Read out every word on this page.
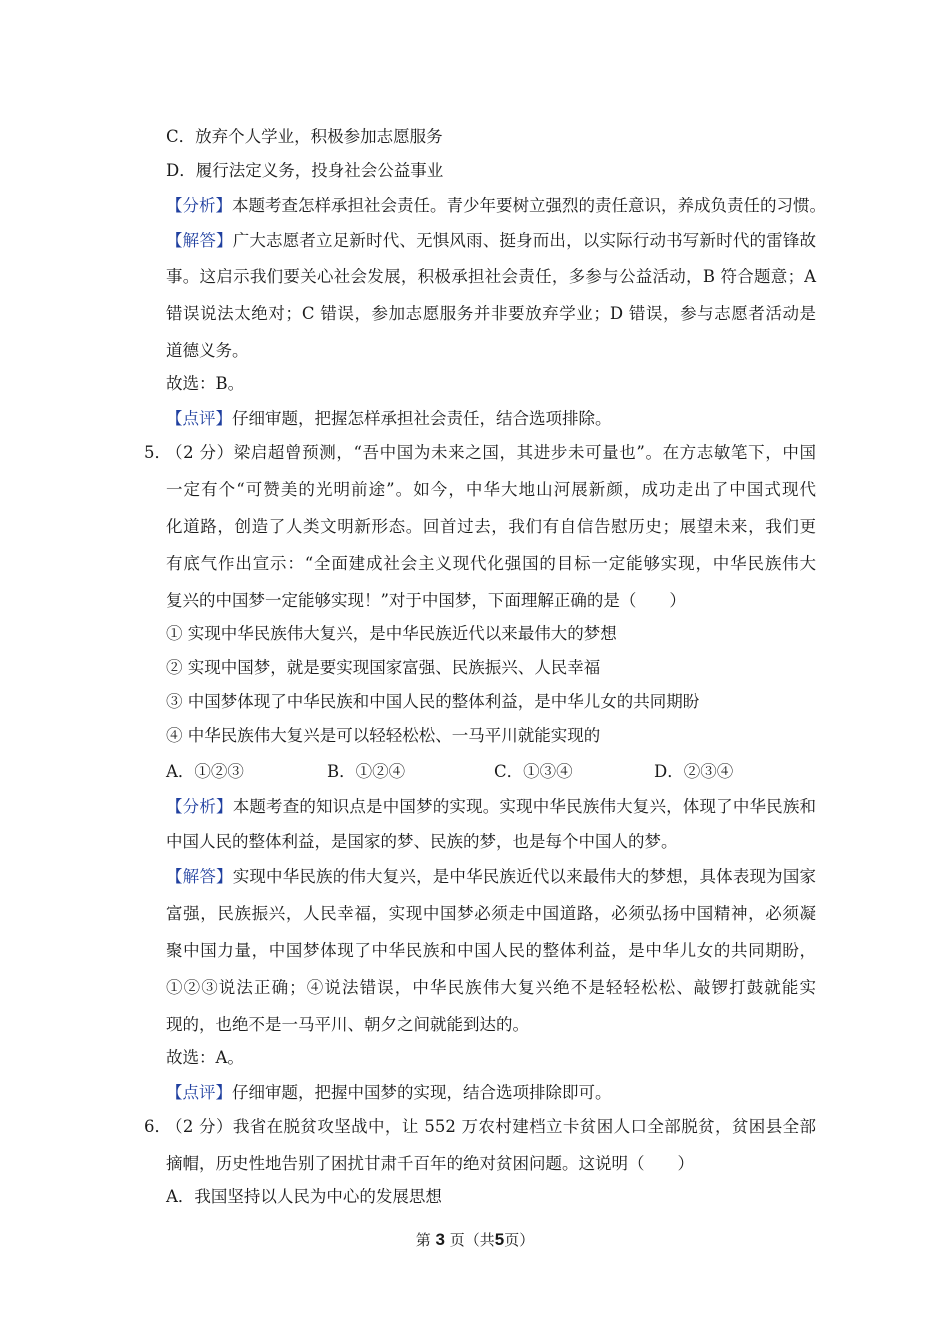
C．放弃个人学业，积极参加志愿服务
D．履行法定义务，投身社会公益事业
【分析】本题考查怎样承担社会责任。青少年要树立强烈的责任意识，养成负责任的习惯。
【解答】广大志愿者立足新时代、无惧风雨、挺身而出，以实际行动书写新时代的雷锋故
事。这启示我们要关心社会发展，积极承担社会责任，多参与公益活动，B 符合题意；A
错误说法太绝对；C 错误，参加志愿服务并非要放弃学业；D 错误，参与志愿者活动是
道德义务。
故选：B。
【点评】仔细审题，把握怎样承担社会责任，结合选项排除。
5．
（2 分）梁启超曾预测，“吾中国为未来之国，其进步未可量也”。在方志敏笔下，中国
一定有个“可赞美的光明前途”。如今，中华大地山河展新颜，成功走出了中国式现代
化道路，创造了人类文明新形态。回首过去，我们有自信告慰历史；展望未来，我们更
有底气作出宣示：“全面建成社会主义现代化强国的目标一定能够实现，中华民族伟大
复兴的中国梦一定能够实现！”对于中国梦，下面理解正确的是（　　）
① 实现中华民族伟大复兴，是中华民族近代以来最伟大的梦想
② 实现中国梦，就是要实现国家富强、民族振兴、人民幸福
③ 中国梦体现了中华民族和中国人民的整体利益，是中华儿女的共同期盼
④ 中华民族伟大复兴是可以轻轻松松、一马平川就能实现的
A．①②③	B．①②④	C．①③④	D．②③④
【分析】本题考查的知识点是中国梦的实现。实现中华民族伟大复兴，体现了中华民族和
中国人民的整体利益，是国家的梦、民族的梦，也是每个中国人的梦。
【解答】实现中华民族的伟大复兴，是中华民族近代以来最伟大的梦想，具体表现为国家
富强，民族振兴，人民幸福，实现中国梦必须走中国道路，必须弘扬中国精神，必须凝
聚中国力量，中国梦体现了中华民族和中国人民的整体利益，是中华儿女的共同期盼，
①②③说法正确；④说法错误，中华民族伟大复兴绝不是轻轻松松、敲锣打鼓就能实
现的，也绝不是一马平川、朝夕之间就能到达的。
故选：A。
【点评】仔细审题，把握中国梦的实现，结合选项排除即可。
6．
（2 分）我省在脱贫攻坚战中，让 552 万农村建档立卡贫困人口全部脱贫，贫困县全部
摘帽，历史性地告别了困扰甘肃千百年的绝对贫困问题。这说明（　　）
A．我国坚持以人民为中心的发展思想
第 3 页（共5页）
